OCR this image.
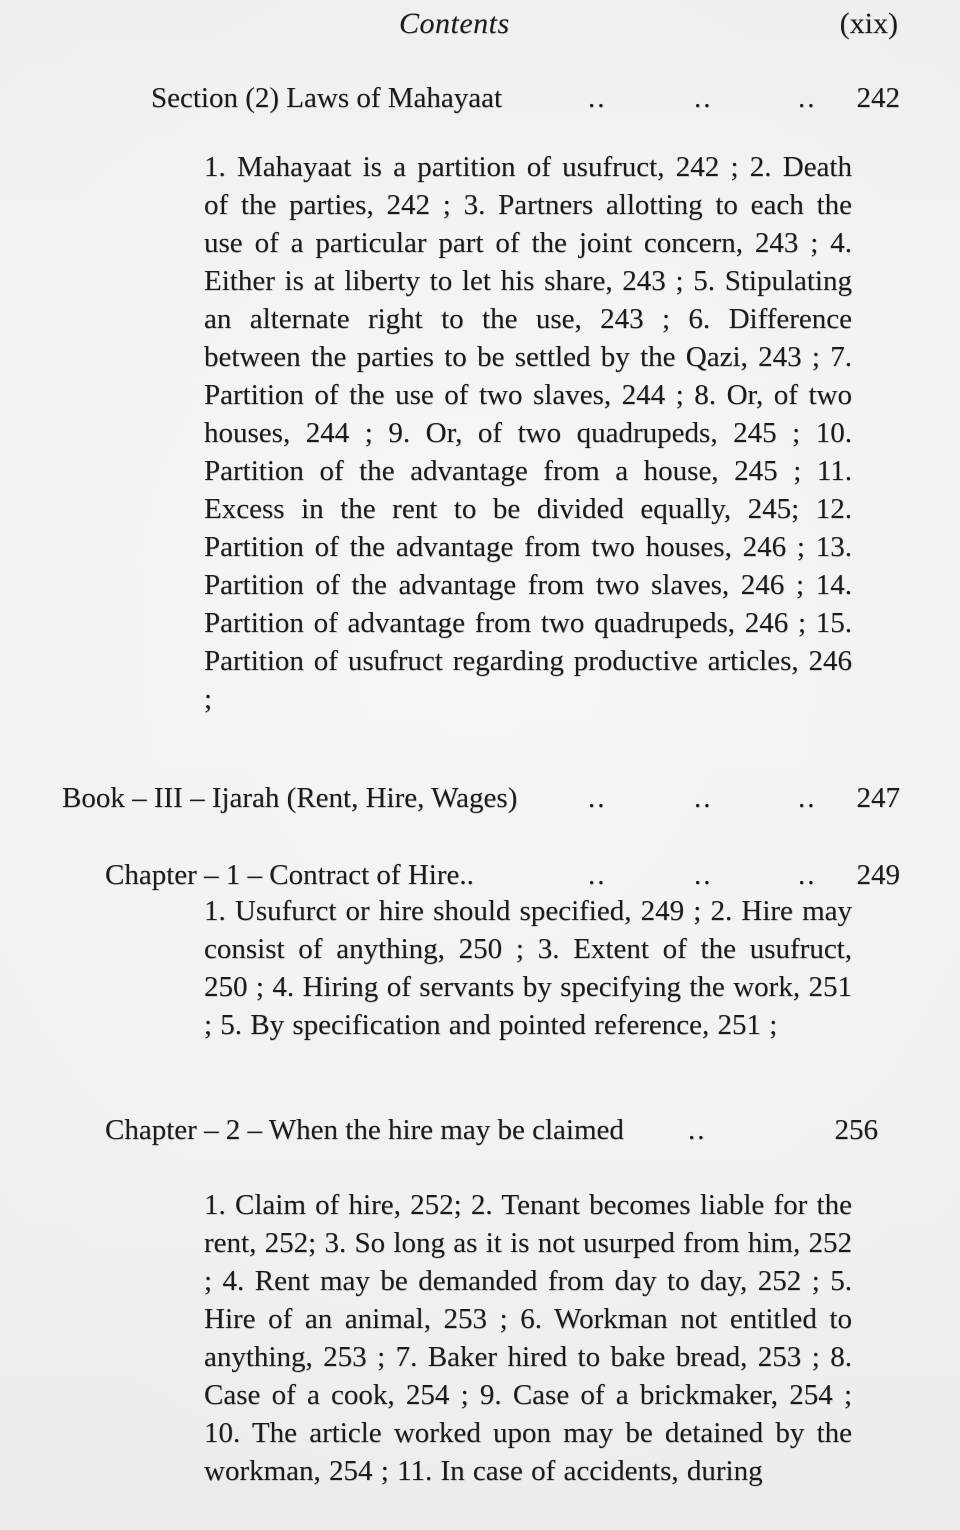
Contents	(xix)
Section (2) Laws of Mahayaat	..	..	.. 242
1. Mahayaat is a partition of usufruct, 242 ; 2. Death of the parties, 242 ; 3. Partners allotting to each the use of a particular part of the joint concern, 243 ; 4. Either is at liberty to let his share, 243 ; 5. Stipulating an alternate right to the use, 243 ; 6. Difference between the parties to be settled by the Qazi, 243 ; 7. Partition of the use of two slaves, 244 ; 8. Or, of two houses, 244 ; 9. Or, of two quadrupeds, 245 ; 10. Partition of the advantage from a house, 245 ; 11. Excess in the rent to be divided equally, 245; 12. Partition of the advantage from two houses, 246 ; 13. Partition of the advantage from two slaves, 246 ; 14. Partition of advantage from two quadrupeds, 246 ; 15. Partition of usufruct regarding productive articles, 246 ;
Book – III – Ijarah (Rent, Hire, Wages) ..	..	.. 247
Chapter – 1 – Contract of Hire..	..	..	.. 249
1. Usufurct or hire should specified, 249 ; 2. Hire may consist of anything, 250 ; 3. Extent of the usufruct, 250 ; 4. Hiring of servants by specifying the work, 251 ; 5. By specification and pointed reference, 251 ;
Chapter – 2 – When the hire may be claimed ..	256
1. Claim of hire, 252; 2. Tenant becomes liable for the rent, 252; 3. So long as it is not usurped from him, 252 ; 4. Rent may be demanded from day to day, 252 ; 5. Hire of an animal, 253 ; 6. Workman not entitled to anything, 253 ; 7. Baker hired to bake bread, 253 ; 8. Case of a cook, 254 ; 9. Case of a brickmaker, 254 ; 10. The article worked upon may be detained by the workman, 254 ; 11. In case of accidents, during
